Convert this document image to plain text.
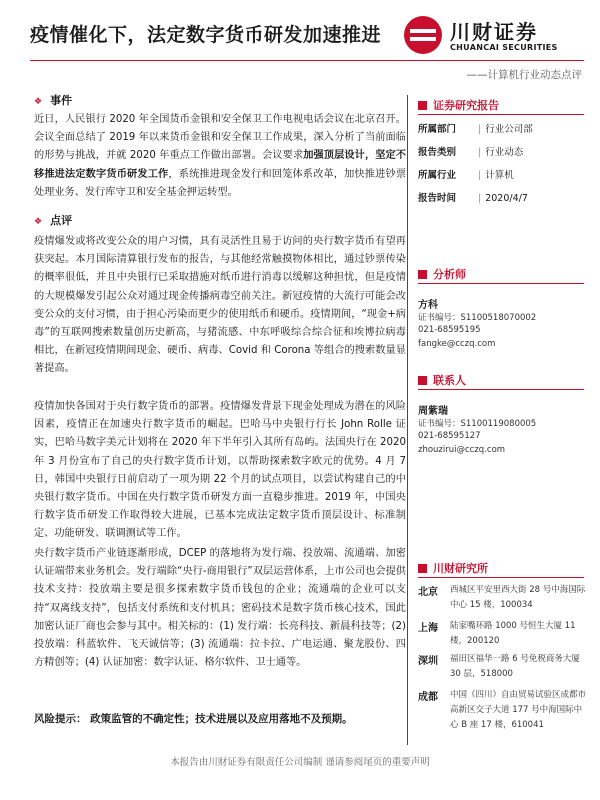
疫情催化下，法定数字货币研发加速推进	川财证券
CHUANCAI SECURITIES
——计算机行业动态点评
❖ 事件
近日，人民银行 2020 年全国货币金银和安全保卫工作电视电话会议在北京召开。会议全面总结了 2019 年以来货币金银和安全保卫工作成果，深入分析了当前面临的形势与挑战，并就 2020 年重点工作做出部署。会议要求加强顶层设计，坚定不移推进法定数字货币研发工作，系统推进现金发行和回笼体系改革，加快推进钞票处理业务、发行库守卫和安全基金押运转型。
❖ 点评
疫情爆发或将改变公众的用户习惯，具有灵活性且易于访问的央行数字货币有望再获突起。本月国际清算银行发布的报告，与其他经常触摸物体相比，通过钞票传染的概率很低，并且中央银行已采取措施对纸币进行消毒以缓解这种担忧，但是疫情的大规模爆发引起公众对通过现金传播病毒空前关注。新冠疫情的大流行可能会改变公众的支付习惯，由于担心污染而更少的使用纸币和硬币。疫情期间，“现金+病毒”的互联网搜索数量创历史新高，与猪流感、中东呼吸综合综合征和埃博拉病毒相比，在新冠疫情期间现金、硬币、病毒、Covid 和 Corona 等组合的搜索数量显著提高。
疫情加快各国对于央行数字货币的部署。疫情爆发背景下现金处理成为潜在的风险因素，疫情正在加速央行数字货币的崛起。巴哈马中央银行行长 John Rolle 证实，巴哈马数字美元计划将在 2020 年下半年引入其所有岛屿。法国央行在 2020 年 3 月份宣布了自己的央行数字货币计划，以帮助探索数字欧元的优势。4 月 7 日，韩国中央银行日前启动了一项为期 22 个月的试点项目，以尝试构建自己的中央银行数字货币。中国在央行数字货币研发方面一直稳步推进。2019 年，中国央行数字货币研发工作取得较大进展，已基本完成法定数字货币顶层设计、标准制定、功能研发、联调测试等工作。
央行数字货币产业链逐渐形成，DCEP 的落地将为发行端、投放端、流通端、加密认证端带来业务机会。发行端除“央行-商用银行”双层运营体系，上市公司也会提供技术支持：投放端主要是很多探索数字货币钱包的企业；流通端的企业可以支持“双离线支持”，包括支付系统和支付机具；密码技术是数字货币核心技术，国此加密认证厂商也会参与其中。相关标的：(1) 发行端：长亮科技、新晨科技等；(2) 投放端：科蓝软件、飞天诚信等；(3) 流通端：拉卡拉、广电运通、聚龙股份、四方精创等；(4) 认证加密：数字认证、格尔软件、卫士通等。
风险提示： 政策监管的不确定性；技术进展以及应用落地不及预期。
证券研究报告
所属部门 | 行业公司部
报告类别 | 行业动态
所属行业 | 计算机
报告时间 | 2020/4/7
分析师
方科
证书编号：S1100518070002
021-68595195
fangke@cczq.com
联系人
周紫瑞
证书编号：S1100119080005
021-68595127
zhouzirui@cczq.com
川财研究所
北京 西城区平安里西大街 28 号中海国际中心 15 楼，100034
上海 陆家嘴环路 1000 号恒生大厦 11 楼，200120
深圳 福田区福华一路 6 号免税商务大厦 30 层，518000
成都 中国（四川）自由贸易试验区成都市高新区交子大道 177 号中海国际中心 B 座 17 楼，610041
本报告由川财证券有限责任公司编制 谨请参阅尾页的重要声明
